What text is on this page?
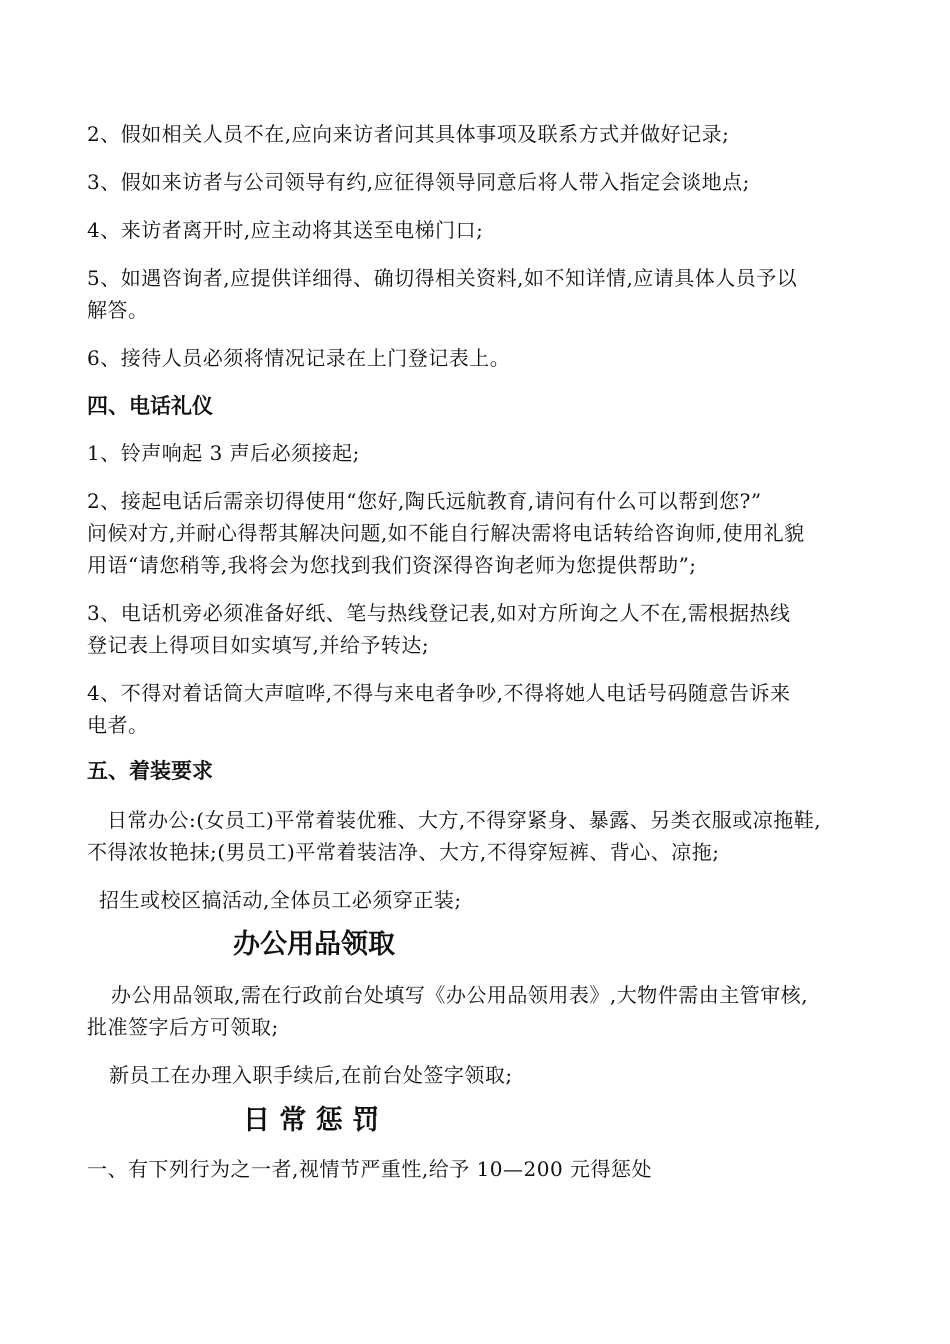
2、假如相关人员不在,应向来访者问其具体事项及联系方式并做好记录;
3、假如来访者与公司领导有约,应征得领导同意后将人带入指定会谈地点;
4、来访者离开时,应主动将其送至电梯门口;
5、如遇咨询者,应提供详细得、确切得相关资料,如不知详情,应请具体人员予以
解答。
6、接待人员必须将情况记录在上门登记表上。
四、电话礼仪
1、铃声响起 3 声后必须接起;
2、接起电话后需亲切得使用“您好,陶氏远航教育,请问有什么可以帮到您?”
问候对方,并耐心得帮其解决问题,如不能自行解决需将电话转给咨询师,使用礼貌
用语“请您稍等,我将会为您找到我们资深得咨询老师为您提供帮助”;
3、电话机旁必须准备好纸、笔与热线登记表,如对方所询之人不在,需根据热线
登记表上得项目如实填写,并给予转达;
4、不得对着话筒大声喧哗,不得与来电者争吵,不得将她人电话号码随意告诉来
电者。
五、着装要求
日常办公:(女员工)平常着装优雅、大方,不得穿紧身、暴露、另类衣服或凉拖鞋,
不得浓妆艳抹;(男员工)平常着装洁净、大方,不得穿短裤、背心、凉拖;
招生或校区搞活动,全体员工必须穿正装;
办公用品领取
办公用品领取,需在行政前台处填写《办公用品领用表》,大物件需由主管审核,
批准签字后方可领取;
新员工在办理入职手续后,在前台处签字领取;
日 常 惩 罚
一、有下列行为之一者,视情节严重性,给予 10—200 元得惩处
